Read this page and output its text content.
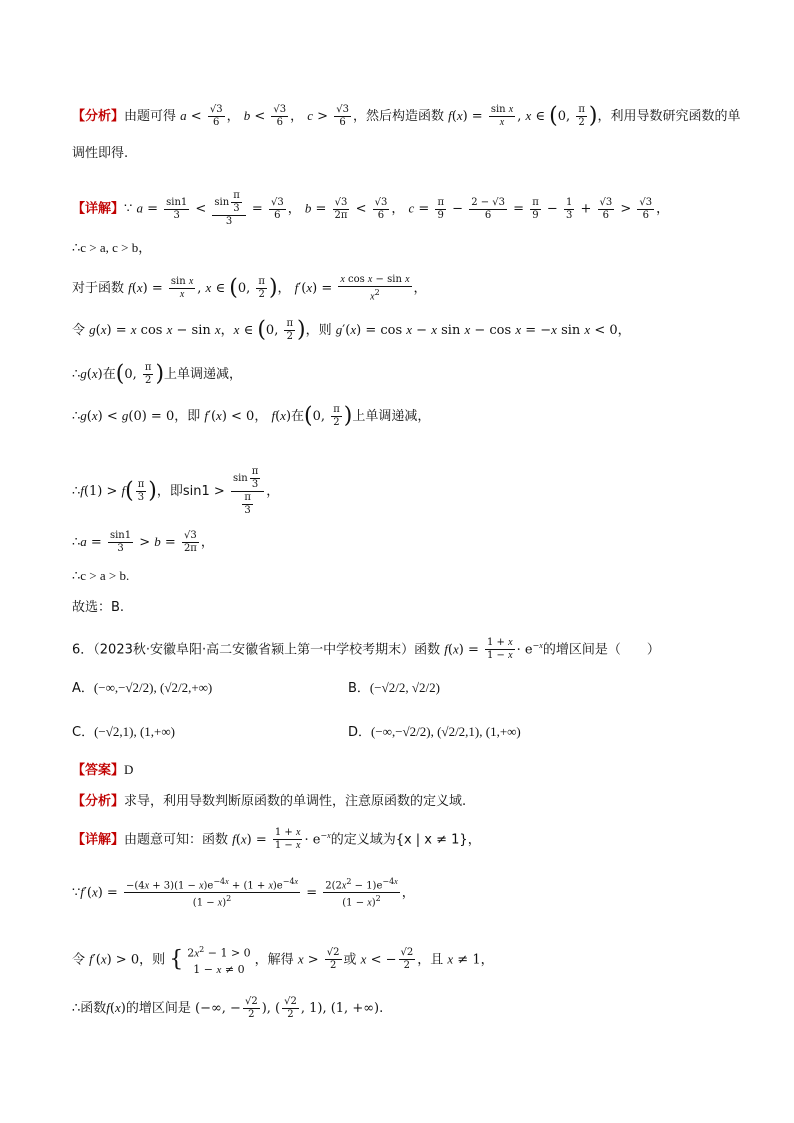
【分析】由题可得 $a < \frac{√3}{6}$ ， $b < \frac{√3}{6}$ ， $c > \frac{√3}{6}$ ，然后构造函数 $f(x) = \frac{\text{sin x}}{x}$ , x ∈ (0, $\frac{\pi}{2}$ )，利用导数研究函数的单
调性即得.
【详解】∵ $a = \frac{\sin 1}{3} < \frac{\sin \frac{\pi}{3}}{3} = \frac{√3}{6}$ ， $b = \frac{√3}{2\pi} < \frac{√3}{6}$ ， $c = \frac{\pi}{9} - \frac{2 - √3}{6} = \frac{\pi}{9} - \frac{1}{3} + \frac{√3}{6} > \frac{√3}{6}$ ，
∴c > a, c > b，
对于函数 $f(x) = \frac{\text{sin x}}{x}$ , x ∈ (0, $\frac{\pi}{2}$ )， $f'(x) = \frac{\text{x cos x − sin x}}{x^2}$ ，
令 g(x) = x cos x − sin x，x ∈ (0, $\frac{\pi}{2}$ )，则 g′(x) = cos x − x sin x − cos x = −x sin x < 0，
∴g(x)在(0, $\frac{\pi}{2}$ )上单调递减，
∴g(x) < g(0) = 0，即 f′(x) < 0， f(x)在(0, $\frac{\pi}{2}$ )上单调递减，
∴f(1) > $f( \frac{\pi}{3}$ )，即$\sin 1 > \frac{\sin \frac{\pi}{3}}{\frac{\pi}{3}}$ ，
∴a = $\frac{\sin 1}{3} > b = \frac{√3}{2\pi}$ ，
∴c > a > b.
故选：B.
6．（2023秋·安徽阜阳·高二安徽省颍上第一中学校考期末）函数 $f(x) = \frac{1 + x}{1 - x} \cdot e^{-x}$的增区间是（　　）
A．(−∞,−√2/2), (√2/2,+∞)	B．(−√2/2, √2/2)
C．(−√2,1), (1,+∞)	D．(−∞,−√2/2), (√2/2,1), (1,+∞)
【答案】D
【分析】求导，利用导数判断原函数的单调性，注意原函数的定义域.
【详解】由题意可知：函数 $f(x) = \frac{1 + x}{1 - x} \cdot e^{-x}$的定义域为{x | x ≠ 1}，
∵f′(x) = $\frac{-(4x + 3)(1 - x)e^{-4x} + (1 + x)e^{-4x}}{(1 - x)^2} = \frac{2(2x^2 - 1)e^{-4x}}{(1 - x)^2}$ ，
令 f′(x) > 0，则 { $2x^2 - 1 > 0$
1 − x ≠ 0
，解得 $x > \frac{√2}{2}$ 或 x < − $\frac{√2}{2}$ ，且 x ≠ 1，
∴函数f(x)的增区间是 (−∞, − $\frac{√2}{2}$ ), ( $\frac{√2}{2}$ , 1), (1, +∞).
